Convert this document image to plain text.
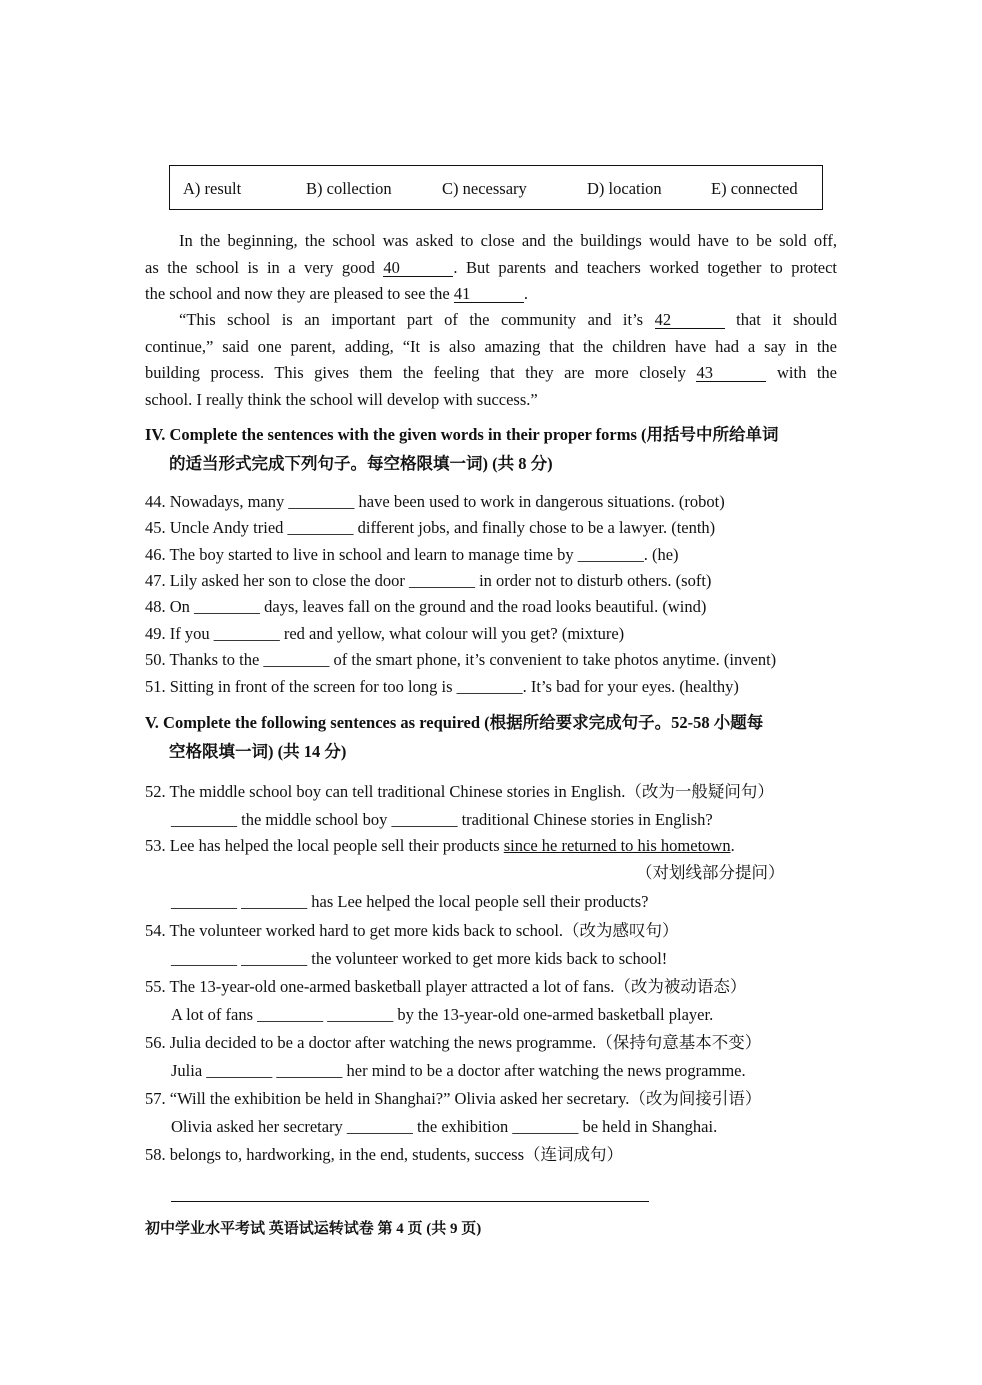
A) result	B) collection	C) necessary	D) location	E) connected
In the beginning, the school was asked to close and the buildings would have to be sold off,
as the school is in a very good 40	. But parents and teachers worked together to protect
the school and now they are pleased to see the 41	.
“This school is an important part of the community and it’s 42	that it should
continue,” said one parent, adding, “It is also amazing that the children have had a say in the
building process. This gives them the feeling that they are more closely 43	with the
school. I really think the school will develop with success.”
IV. Complete the sentences with the given words in their proper forms (用括号中所给单词
的适当形式完成下列句子。每空格限填一词) (共 8 分)
44. Nowadays, many ________ have been used to work in dangerous situations. (robot)
45. Uncle Andy tried ________ different jobs, and finally chose to be a lawyer. (tenth)
46. The boy started to live in school and learn to manage time by ________. (he)
47. Lily asked her son to close the door ________ in order not to disturb others. (soft)
48. On ________ days, leaves fall on the ground and the road looks beautiful. (wind)
49. If you ________ red and yellow, what colour will you get? (mixture)
50. Thanks to the ________ of the smart phone, it’s convenient to take photos anytime. (invent)
51. Sitting in front of the screen for too long is ________. It’s bad for your eyes. (healthy)
V. Complete the following sentences as required (根据所给要求完成句子。52-58 小题每
空格限填一词) (共 14 分)
52. The middle school boy can tell traditional Chinese stories in English.（改为一般疑问句）
________ the middle school boy ________ traditional Chinese stories in English?
53. Lee has helped the local people sell their products since he returned to his hometown.
（对划线部分提问）
________ ________ has Lee helped the local people sell their products?
54. The volunteer worked hard to get more kids back to school.（改为感叹句）
________ ________ the volunteer worked to get more kids back to school!
55. The 13-year-old one-armed basketball player attracted a lot of fans.（改为被动语态）
A lot of fans ________ ________ by the 13-year-old one-armed basketball player.
56. Julia decided to be a doctor after watching the news programme.（保持句意基本不变）
Julia ________ ________ her mind to be a doctor after watching the news programme.
57. “Will the exhibition be held in Shanghai?” Olivia asked her secretary.（改为间接引语）
Olivia asked her secretary ________ the exhibition ________ be held in Shanghai.
58. belongs to, hardworking, in the end, students, success（连词成句）
初中学业水平考试 英语试运转试卷 第 4 页 (共 9 页)
